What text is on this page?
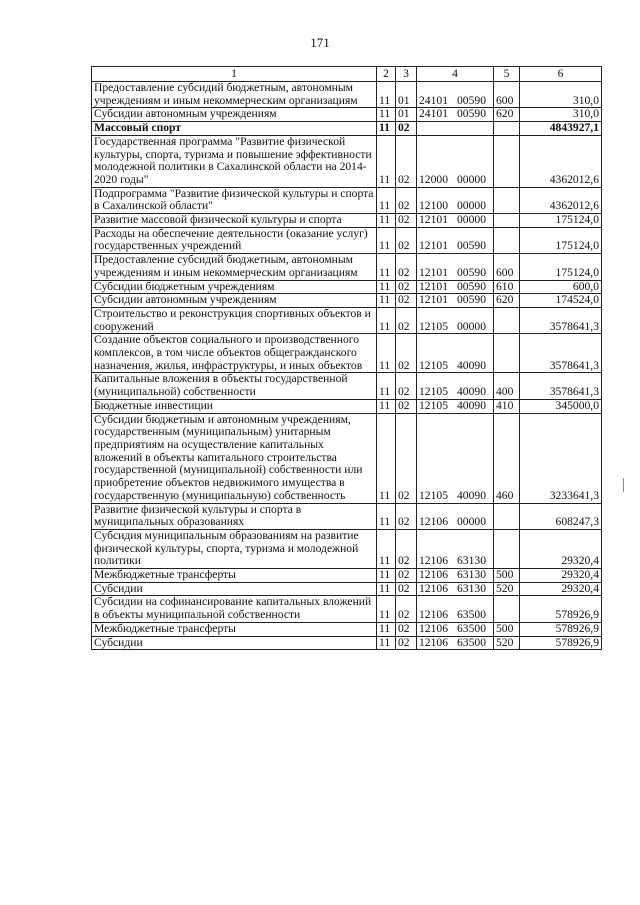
171
1	2	3	4	5	6
Предоставление субсидий бюджетным, автономным учреждениям и иным некоммерческим организациям	11	01	24101 00590	600	310,0
Субсидии автономным учреждениям	11	01	24101 00590	620	310,0
Массовый спорт	11	02			4843927,1
Государственная программа "Развитие физической культуры, спорта, туризма и повышение эффективности молодежной политики в Сахалинской области на 2014-2020 годы"	11	02	12000 00000		4362012,6
Подпрограмма "Развитие физической культуры и спорта в Сахалинской области"	11	02	12100 00000		4362012,6
Развитие массовой физической культуры и спорта	11	02	12101 00000		175124,0
Расходы на обеспечение деятельности (оказание услуг) государственных учреждений	11	02	12101 00590		175124,0
Предоставление субсидий бюджетным, автономным учреждениям и иным некоммерческим организациям	11	02	12101 00590	600	175124,0
Субсидии бюджетным учреждениям	11	02	12101 00590	610	600,0
Субсидии автономным учреждениям	11	02	12101 00590	620	174524,0
Строительство и реконструкция спортивных объектов и сооружений	11	02	12105 00000		3578641,3
Создание объектов социального и производственного комплексов, в том числе объектов общегражданского назначения, жилья, инфраструктуры, и иных объектов	11	02	12105 40090		3578641,3
Капитальные вложения в объекты государственной (муниципальной) собственности	11	02	12105 40090	400	3578641,3
Бюджетные инвестиции	11	02	12105 40090	410	345000,0
Субсидии бюджетным и автономным учреждениям, государственным (муниципальным) унитарным предприятиям на осуществление капитальных вложений в объекты капитального строительства государственной (муниципальной) собственности или приобретение объектов недвижимого имущества в государственную (муниципальную) собственность	11	02	12105 40090	460	3233641,3
Развитие физической культуры и спорта в муниципальных образованиях	11	02	12106 00000		608247,3
Субсидия муниципальным образованиям на развитие физической культуры, спорта, туризма и молодежной политики	11	02	12106 63130		29320,4
Межбюджетные трансферты	11	02	12106 63130	500	29320,4
Субсидии	11	02	12106 63130	520	29320,4
Субсидии на софинансирование капитальных вложений в объекты муниципальной собственности	11	02	12106 63500		578926,9
Межбюджетные трансферты	11	02	12106 63500	500	578926,9
Субсидии	11	02	12106 63500	520	578926,9
